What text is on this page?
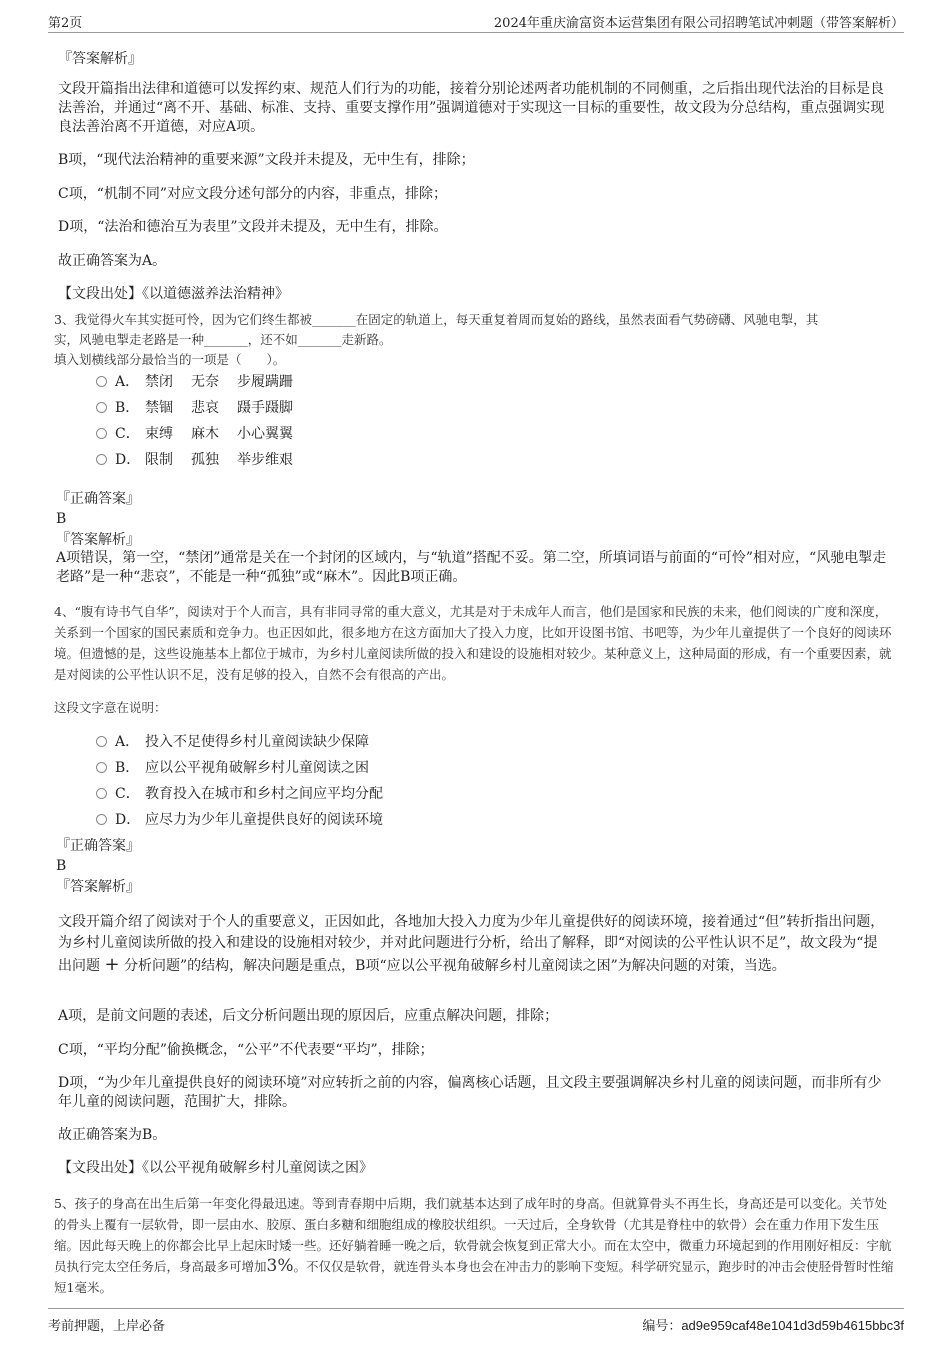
第2页	2024年重庆渝富资本运营集团有限公司招聘笔试冲刺题（带答案解析）
『答案解析』

文段开篇指出法律和道德可以发挥约束、规范人们行为的功能，接着分别论述两者功能机制的不同侧重，之后指出现代法治的目标是良法善治，并通过“离不开、基础、标准、支持、重要支撑作用”强调道德对于实现这一目标的重要性，故文段为分总结构，重点强调实现良法善治离不开道德，对应A项。

B项，“现代法治精神的重要来源”文段并未提及，无中生有，排除；
C项，“机制不同”对应文段分述句部分的内容，非重点，排除；
D项，“法治和德治互为表里”文段并未提及，无中生有，排除。
故正确答案为A。
【文段出处】《以道德滋养法治精神》
3、我觉得火车其实挺可怜，因为它们终生都被_______在固定的轨道上，每天重复着周而复始的路线，虽然表面看气势磅礴、风驰电掣，其
实，风驰电掣走老路是一种_______，还不如_______走新路。
填入划横线部分最恰当的一项是（　　）。
A． 禁闭 无奈 步履蹒跚
B． 禁锢 悲哀 蹑手蹑脚
C． 束缚 麻木 小心翼翼
D． 限制 孤独 举步维艰
『正确答案』
B
『答案解析』

A项错误，第一空，“禁闭”通常是关在一个封闭的区域内，与“轨道”搭配不妥。第二空，所填词语与前面的“可怜”相对应，“风驰电掣走老路”是一种“悲哀”，不能是一种“孤独”或“麻木”。因此B项正确。

4、“腹有诗书气自华”，阅读对于个人而言，具有非同寻常的重大意义，尤其是对于未成年人而言，他们是国家和民族的未来，他们阅读的广度和深度，关系到一个国家的国民素质和竞争力。也正因如此，很多地方在这方面加大了投入力度，比如开设图书馆、书吧等，为少年儿童提供了一个良好的阅读环境。但遗憾的是，这些设施基本上都位于城市，为乡村儿童阅读所做的投入和建设的设施相对较少。某种意义上，这种局面的形成，有一个重要因素，就是对阅读的公平性认识不足，没有足够的投入，自然不会有很高的产出。

这段文字意在说明：
A． 投入不足使得乡村儿童阅读缺少保障
B． 应以公平视角破解乡村儿童阅读之困
C． 教育投入在城市和乡村之间应平均分配
D． 应尽力为少年儿童提供良好的阅读环境
『正确答案』
B
『答案解析』

文段开篇介绍了阅读对于个人的重要意义，正因如此，各地加大投入力度为少年儿童提供好的阅读环境，接着通过“但”转折指出问题，为乡村儿童阅读所做的投入和建设的设施相对较少，并对此问题进行分析，给出了解释，即“对阅读的公平性认识不足”，故文段为“提出问题 + 分析问题”的结构，解决问题是重点，B项“应以公平视角破解乡村儿童阅读之困”为解决问题的对策，当选。

A项，是前文问题的表述，后文分析问题出现的原因后，应重点解决问题，排除；
C项，“平均分配”偷换概念，“公平”不代表要“平均”，排除；

D项，“为少年儿童提供良好的阅读环境”对应转折之前的内容，偏离核心话题，且文段主要强调解决乡村儿童的阅读问题，而非所有少年儿童的阅读问题，范围扩大，排除。

故正确答案为B。
【文段出处】《以公平视角破解乡村儿童阅读之困》

5、孩子的身高在出生后第一年变化得最迅速。等到青春期中后期，我们就基本达到了成年时的身高。但就算骨头不再生长，身高还是可以变化。关节处的骨头上覆有一层软骨，即一层由水、胶原、蛋白多糖和细胞组成的橡胶状组织。一天过后，全身软骨（尤其是脊柱中的软骨）会在重力作用下发生压缩。因此每天晚上的你都会比早上起床时矮一些。还好躺着睡一晚之后，软骨就会恢复到正常大小。而在太空中，微重力环境起到的作用刚好相反：宇航员执行完太空任务后，身高最多可增加3%。不仅仅是软骨，就连骨头本身也会在冲击力的影响下变短。科学研究显示，跑步时的冲击会使胫骨暂时性缩短1毫米。

考前押题，上岸必备	编号：ad9e959caf48e1041d3d59b4615bbc3f
